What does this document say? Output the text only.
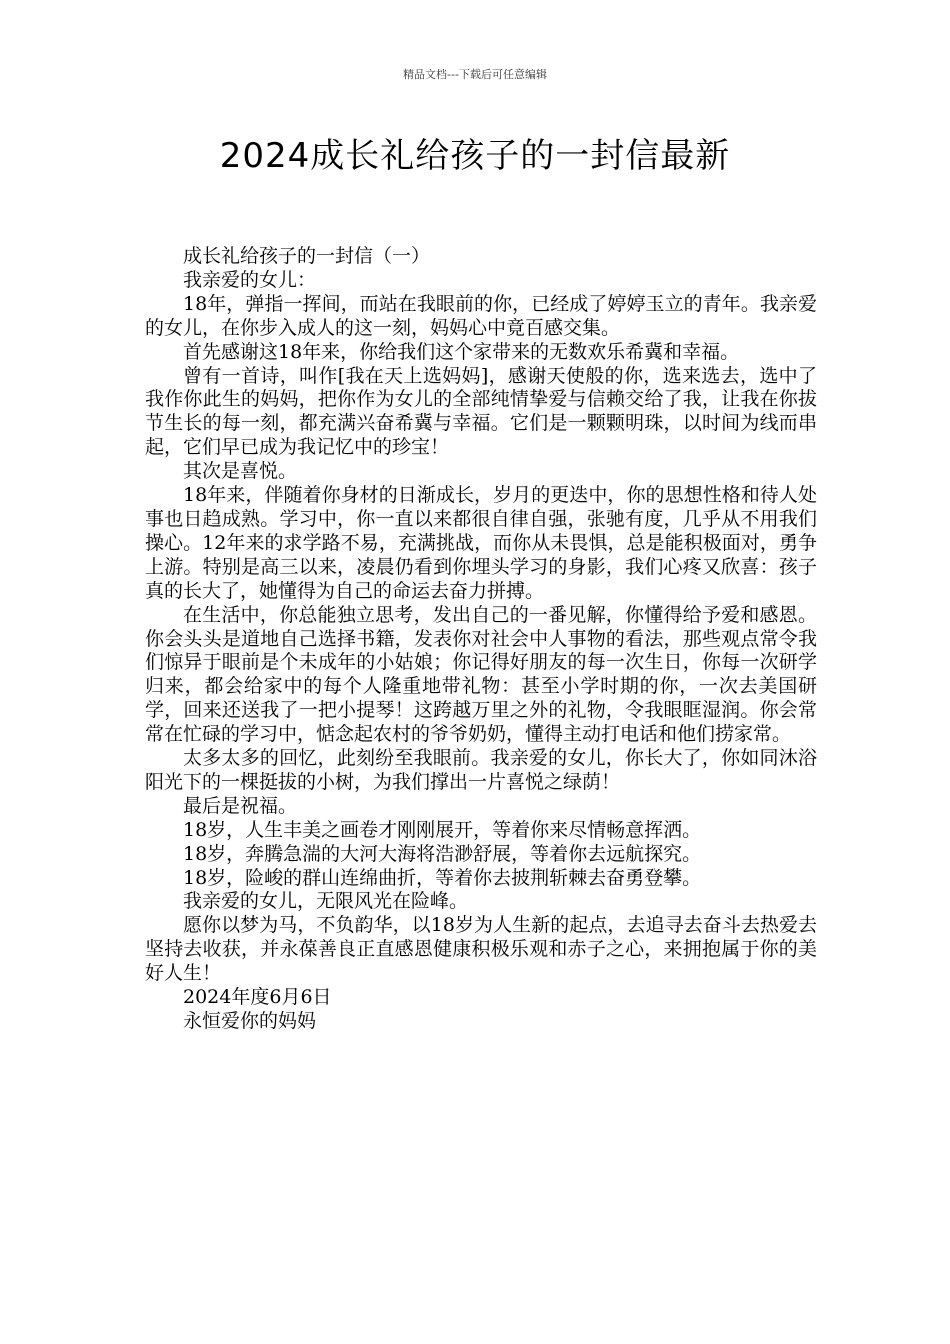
精品文档---下载后可任意编辑
2024成长礼给孩子的一封信最新

成长礼给孩子的一封信（一）

我亲爱的女儿：

18年，弹指一挥间，而站在我眼前的你，已经成了婷婷玉立的青年。我亲爱的女儿，在你步入成人的这一刻，妈妈心中竟百感交集。

首先感谢这18年来，你给我们这个家带来的无数欢乐希冀和幸福。

曾有一首诗，叫作[我在天上选妈妈]，感谢天使般的你，选来选去，选中了我作你此生的妈妈，把你作为女儿的全部纯情挚爱与信赖交给了我，让我在你拔节生长的每一刻，都充满兴奋希冀与幸福。它们是一颗颗明珠，以时间为线而串起，它们早已成为我记忆中的珍宝！

其次是喜悦。

18年来，伴随着你身材的日渐成长，岁月的更迭中，你的思想性格和待人处事也日趋成熟。学习中，你一直以来都很自律自强，张驰有度，几乎从不用我们操心。12年来的求学路不易，充满挑战，而你从未畏惧，总是能积极面对，勇争上游。特别是高三以来，凌晨仍看到你埋头学习的身影，我们心疼又欣喜：孩子真的长大了，她懂得为自己的命运去奋力拼搏。

在生活中，你总能独立思考，发出自己的一番见解，你懂得给予爱和感恩。你会头头是道地自己选择书籍，发表你对社会中人事物的看法，那些观点常令我们惊异于眼前是个未成年的小姑娘；你记得好朋友的每一次生日，你每一次研学归来，都会给家中的每个人隆重地带礼物：甚至小学时期的你，一次去美国研学，回来还送我了一把小提琴！这跨越万里之外的礼物，令我眼眶湿润。你会常常在忙碌的学习中，惦念起农村的爷爷奶奶，懂得主动打电话和他们捞家常。

太多太多的回忆，此刻纷至我眼前。我亲爱的女儿，你长大了，你如同沐浴阳光下的一棵挺拔的小树，为我们撑出一片喜悦之绿荫！

最后是祝福。

18岁，人生丰美之画卷才刚刚展开，等着你来尽情畅意挥洒。

18岁，奔腾急湍的大河大海将浩渺舒展，等着你去远航探究。

18岁，险峻的群山连绵曲折，等着你去披荆斩棘去奋勇登攀。

我亲爱的女儿，无限风光在险峰。

愿你以梦为马，不负韵华，以18岁为人生新的起点，去追寻去奋斗去热爱去坚持去收获，并永葆善良正直感恩健康积极乐观和赤子之心，来拥抱属于你的美好人生！

2024年度6月6日

永恒爱你的妈妈
